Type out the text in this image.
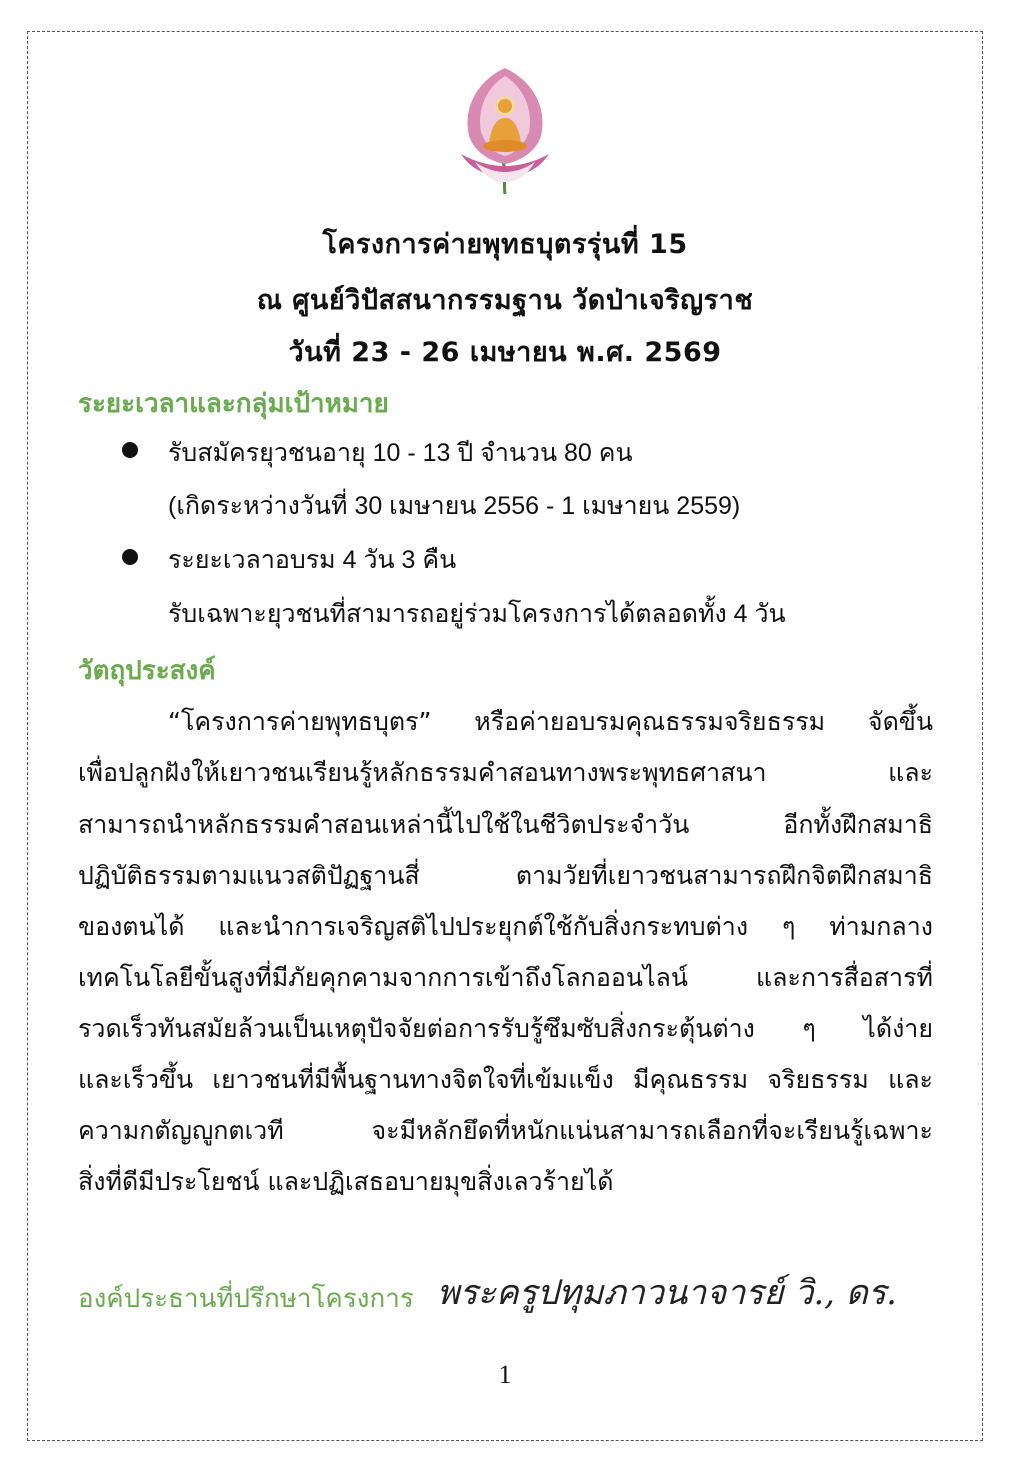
โครงการค่ายพุทธบุตรรุ่นที่ 15
ณ ศูนย์วิปัสสนากรรมฐาน วัดป่าเจริญราช
วันที่ 23 - 26 เมษายน พ.ศ. 2569
ระยะเวลาและกลุ่มเป้าหมาย
รับสมัครยุวชนอายุ 10 - 13 ปี จำนวน 80 คน
(เกิดระหว่างวันที่ 30 เมษายน 2556 - 1 เมษายน 2559)
ระยะเวลาอบรม 4 วัน 3 คืน
รับเฉพาะยุวชนที่สามารถอยู่ร่วมโครงการได้ตลอดทั้ง 4 วัน
วัตถุประสงค์
“โครงการค่ายพุทธบุตร” หรือค่ายอบรมคุณธรรมจริยธรรม จัดขึ้น
เพื่อปลูกฝังให้เยาวชนเรียนรู้หลักธรรมคำสอนทางพระพุทธศาสนา และ
สามารถนำหลักธรรมคำสอนเหล่านี้ไปใช้ในชีวิตประจำวัน อีกทั้งฝึกสมาธิ
ปฏิบัติธรรมตามแนวสติปัฏฐานสี่ ตามวัยที่เยาวชนสามารถฝึกจิตฝึกสมาธิ
ของตนได้ และนำการเจริญสติไปประยุกต์ใช้กับสิ่งกระทบต่าง ๆ ท่ามกลาง
เทคโนโลยีขั้นสูงที่มีภัยคุกคามจากการเข้าถึงโลกออนไลน์ และการสื่อสารที่
รวดเร็วทันสมัยล้วนเป็นเหตุปัจจัยต่อการรับรู้ซึมซับสิ่งกระตุ้นต่าง ๆ ได้ง่าย
และเร็วขึ้น เยาวชนที่มีพื้นฐานทางจิตใจที่เข้มแข็ง มีคุณธรรม จริยธรรม และ
ความกตัญญูกตเวที จะมีหลักยึดที่หนักแน่นสามารถเลือกที่จะเรียนรู้เฉพาะ
สิ่งที่ดีมีประโยชน์ และปฏิเสธอบายมุขสิ่งเลวร้ายได้
องค์ประธานที่ปรึกษาโครงการ พระครูปทุมภาวนาจารย์ วิ., ดร.
1
